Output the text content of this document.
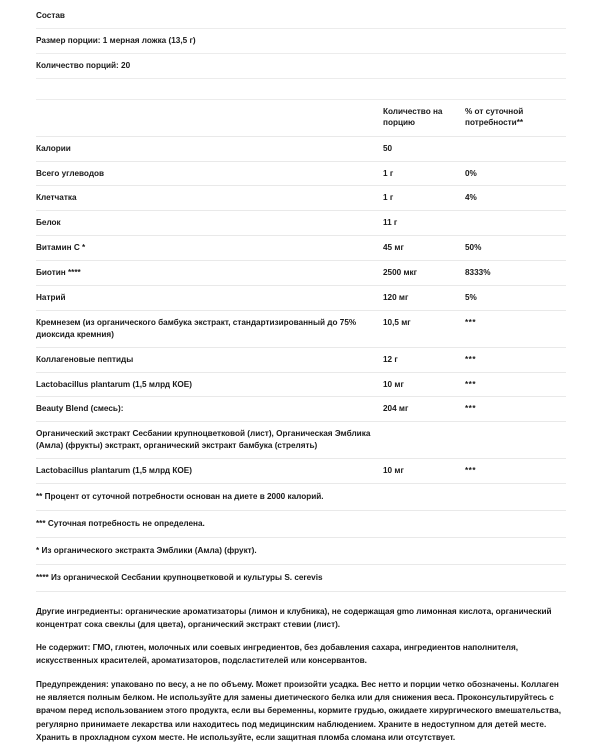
Состав		
Размер порции: 1 мерная ложка (13,5 г)		
Количество порций: 20		

	Количество на порцию	% от суточной потребности**
Калории	50	
Всего углеводов	1 г	0%
Клетчатка	1 г	4%
Белок	11 г	
Витамин С *	45 мг	50%
Биотин ****	2500 мкг	8333%
Натрий	120 мг	5%
Кремнезем (из органического бамбука экстракт, стандартизированный до 75% диоксида кремния)	10,5 мг	***
Коллагеновые пептиды	12 г	***
Lactobacillus plantarum (1,5 млрд КОЕ)	10 мг	***
Beauty Blend (смесь):	204 мг	***
Органический экстракт Сесбании крупноцветковой (лист), Органическая Эмблика (Амла) (фрукты) экстракт, органический экстракт бамбука (стрелять)		
Lactobacillus plantarum (1,5 млрд КОЕ)	10 мг	***
** Процент от суточной потребности основан на диете в 2000 калорий.		
*** Суточная потребность не определена.		
* Из органического экстракта Эмблики (Амла) (фрукт).		
**** Из органической Сесбании крупноцветковой и культуры S. cerevis		

Другие ингредиенты: органические ароматизаторы (лимон и клубника), не содержащая gmo лимонная кислота, органический концентрат сока свеклы (для цвета), органический экстракт стевии (лист).

Не содержит: ГМО, глютен, молочных или соевых ингредиентов, без добавления сахара, ингредиентов наполнителя, искусственных красителей, ароматизаторов, подсластителей или консервантов.

Предупреждения: упаковано по весу, а не по объему. Может произойти усадка. Вес нетто и порции четко обозначены. Коллаген не является полным белком. Не используйте для замены диетического белка или для снижения веса. Проконсультируйтесь с врачом перед использованием этого продукта, если вы беременны, кормите грудью, ожидаете хирургического вмешательства, регулярно принимаете лекарства или находитесь под медицинским наблюдением. Храните в недоступном для детей месте. Хранить в прохладном сухом месте. Не используйте, если защитная пломба сломана или отсутствует.
